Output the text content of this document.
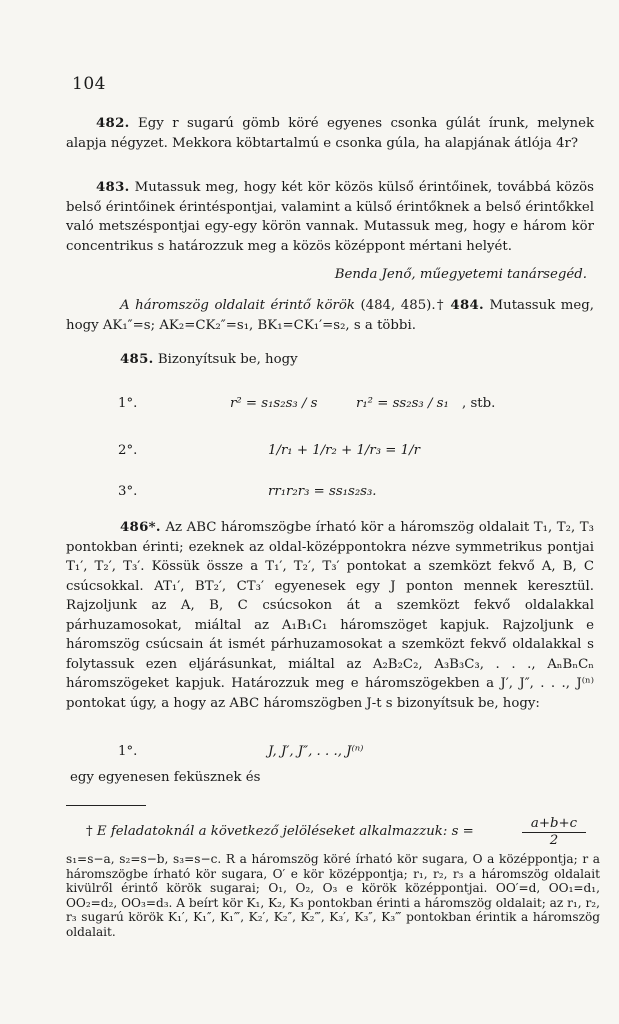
104
482. Egy r sugarú gömb köré egyenes csonka gúlát írunk, melynek alapja négyzet. Mekkora köbtartalmú e csonka gúla, ha alapjának átlója 4r?
483. Mutassuk meg, hogy két kör közös külső érintőinek, továbbá közös belső érintőinek érintéspontjai, valamint a külső érintőknek a belső érintőkkel való metszéspontjai egy-egy körön vannak. Mutassuk meg, hogy e három kör concentrikus s határozzuk meg a közös középpont mértani helyét.
Benda Jenő, műegyetemi tanársegéd.
A háromszög oldalait érintő körök (484, 485).† 484. Mutassuk meg, hogy AK₁″=s; AK₂=CK₂″=s₁, BK₁=CK₁′=s₂, s a többi.
485. Bizonyítsuk be, hogy
1°.	r² = s₁s₂s₃ / s	r₁² = ss₂s₃ / s₁ , stb.
2°.	1/r₁ + 1/r₂ + 1/r₃ = 1/r
3°.	rr₁r₂r₃ = ss₁s₂s₃.
486*. Az ABC háromszögbe írható kör a háromszög oldalait T₁, T₂, T₃ pontokban érinti; ezeknek az oldal-középpontokra nézve symmetrikus pontjai T₁′, T₂′, T₃′. Kössük össze a T₁′, T₂′, T₃′ pontokat a szemközt fekvő A, B, C csúcsokkal. AT₁′, BT₂′, CT₃′ egyenesek egy J ponton mennek keresztül. Rajzoljunk az A, B, C csúcsokon át a szemközt fekvő oldalakkal párhuzamosokat, miáltal az A₁B₁C₁ háromszöget kapjuk. Rajzoljunk e háromszög csúcsain át ismét párhuzamosokat a szemközt fekvő oldalakkal s folytassuk ezen eljárásunkat, miáltal az A₂B₂C₂, A₃B₃C₃, . . ., AₙBₙCₙ háromszögeket kapjuk. Határozzuk meg e háromszögekben a J′, J″, . . ., J⁽ⁿ⁾ pontokat úgy, a hogy az ABC háromszögben J-t s bizonyítsuk be, hogy:
1°.	J, J′, J″, . . ., J⁽ⁿ⁾
egy egyenesen feküsznek és
† E feladatoknál a következő jelöléseket alkalmazzuk: s =	$\frac{a+b+c}{2}$
s₁=s−a, s₂=s−b, s₃=s−c. R a háromszög köré írható kör sugara, O a középpontja; r a háromszögbe írható kör sugara, O′ e kör középpontja; r₁, r₂, r₃ a háromszög oldalait kivülről érintő körök sugarai; O₁, O₂, O₃ e körök középpontjai. OO′=d, OO₁=d₁, OO₂=d₂, OO₃=d₃. A beírt kör K₁, K₂, K₃ pontokban érinti a háromszög oldalait; az r₁, r₂, r₃ sugarú körök K₁′, K₁″, K₁‴, K₂′, K₂″, K₂‴, K₃′, K₃″, K₃‴ pontokban érintik a háromszög oldalait.
